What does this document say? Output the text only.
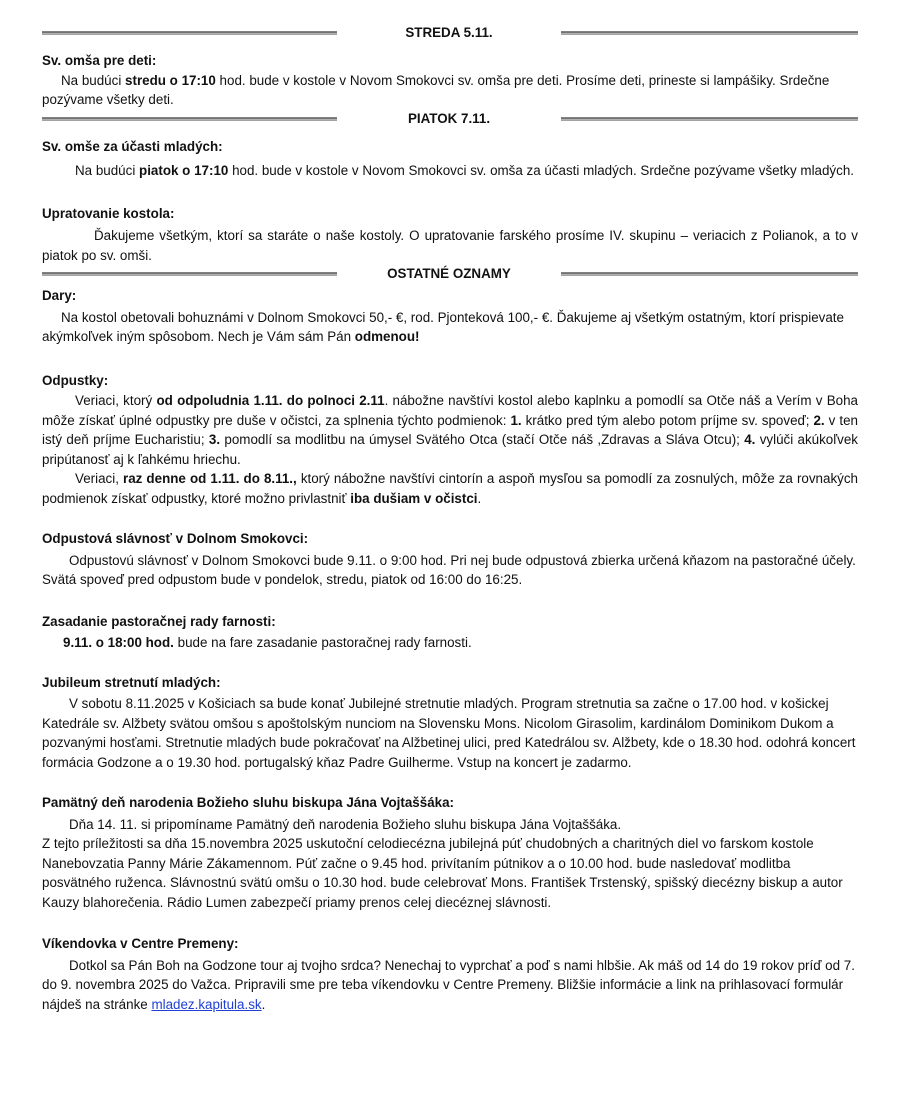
STREDA 5.11.

Sv. omša pre deti:

Na budúci stredu o 17:10 hod. bude v kostole v Novom Smokovci sv. omša pre deti. Prosíme deti, prineste si lampášiky. Srdečne pozývame všetky deti.

PIATOK 7.11.

Sv. omše za účasti mladých:

Na budúci piatok o 17:10 hod. bude v kostole v Novom Smokovci sv. omša za účasti mladých. Srdečne pozývame všetky mladých.

Upratovanie kostola:

Ďakujeme všetkým, ktorí sa staráte o naše kostoly. O upratovanie farského prosíme IV. skupinu – veriacich z Polianok, a to v piatok po sv. omši.

OSTATNÉ OZNAMY

Dary:

Na kostol obetovali bohuznámi v Dolnom Smokovci 50,- €, rod. Pjonteková 100,- €. Ďakujeme aj všetkým ostatným, ktorí prispievate akýmkoľvek iným spôsobom. Nech je Vám sám Pán odmenou!

Odpustky:

Veriaci, ktorý od odpoludnia 1.11. do polnoci 2.11. nábožne navštívi kostol alebo kaplnku a pomodlí sa Otče náš a Verím v Boha môže získať úplné odpustky pre duše v očistci, za splnenia týchto podmienok: 1. krátko pred tým alebo potom príjme sv. spoveď; 2. v ten istý deň príjme Eucharistiu; 3. pomodlí sa modlitbu na úmysel Svätého Otca (stačí Otče náš ,Zdravas a Sláva Otcu); 4. vylúči akúkoľvek pripútanosť aj k ľahkému hriechu.

Veriaci, raz denne od 1.11. do 8.11., ktorý nábožne navštívi cintorín a aspoň mysľou sa pomodlí za zosnulých, môže za rovnakých podmienok získať odpustky, ktoré možno privlastniť iba dušiam v očistci.

Odpustová slávnosť v Dolnom Smokovci:

Odpustovú slávnosť v Dolnom Smokovci bude 9.11. o 9:00 hod. Pri nej bude odpustová zbierka určená kňazom na pastoračné účely. Svätá spoveď pred odpustom bude v pondelok, stredu, piatok od 16:00 do 16:25.

Zasadanie pastoračnej rady farnosti:

9.11. o 18:00 hod. bude na fare zasadanie pastoračnej rady farnosti.

Jubileum stretnutí mladých:

V sobotu 8.11.2025 v Košiciach sa bude konať Jubilejné stretnutie mladých. Program stretnutia sa začne o 17.00 hod. v košickej Katedrále sv. Alžbety svätou omšou s apoštolským nunciom na Slovensku Mons. Nicolom Girasolim, kardinálom Dominikom Dukom a pozvanými hosťami. Stretnutie mladých bude pokračovať na Alžbetinej ulici, pred Katedrálou sv. Alžbety, kde o 18.30 hod. odohrá koncert formácia Godzone a o 19.30 hod. portugalský kňaz Padre Guilherme. Vstup na koncert je zadarmo.

Pamätný deň narodenia Božieho sluhu biskupa Jána Vojtaššáka:

Dňa 14. 11. si pripomíname Pamätný deň narodenia Božieho sluhu biskupa Jána Vojtaššáka.

Z tejto príležitosti sa dňa 15.novembra 2025 uskutoční celodiecézna jubilejná púť chudobných a charitných diel vo farskom kostole Nanebovzatia Panny Márie Zákamennom. Púť začne o 9.45 hod. privítaním pútnikov a o 10.00 hod. bude nasledovať modlitba posvätného ruženca. Slávnostnú svätú omšu o 10.30 hod. bude celebrovať Mons. František Trstenský, spišský diecézny biskup a autor Kauzy blahorečenia. Rádio Lumen zabezpečí priamy prenos celej diecéznej slávnosti.

Víkendovka v Centre Premeny:

Dotkol sa Pán Boh na Godzone tour aj tvojho srdca? Nenechaj to vyprchať a poď s nami hlbšie. Ak máš od 14 do 19 rokov príď od 7. do 9. novembra 2025 do Važca. Pripravili sme pre teba víkendovku v Centre Premeny. Bližšie informácie a link na prihlasovací formulár nájdeš na stránke mladez.kapitula.sk.
